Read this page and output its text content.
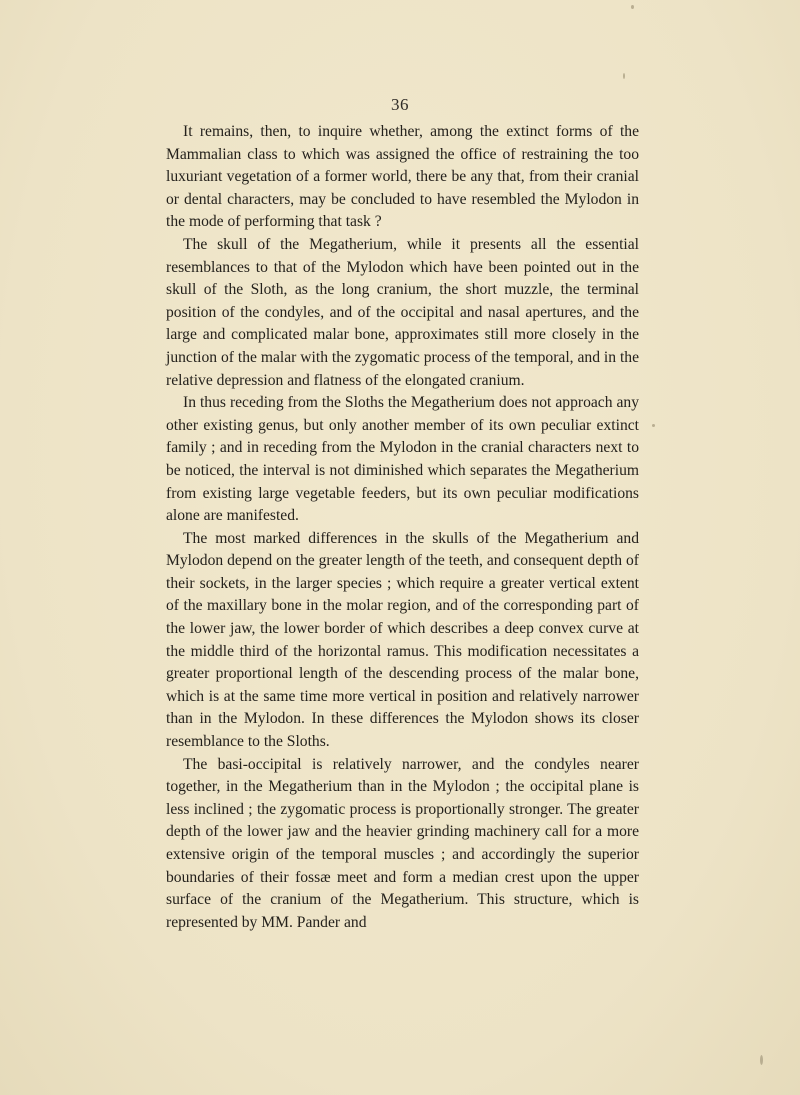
36

It remains, then, to inquire whether, among the extinct forms of the Mammalian class to which was assigned the office of restraining the too luxuriant vegetation of a former world, there be any that, from their cranial or dental characters, may be concluded to have resembled the Mylodon in the mode of performing that task ?

The skull of the Megatherium, while it presents all the essential resemblances to that of the Mylodon which have been pointed out in the skull of the Sloth, as the long cranium, the short muzzle, the terminal position of the condyles, and of the occipital and nasal apertures, and the large and complicated malar bone, approximates still more closely in the junction of the malar with the zygomatic process of the temporal, and in the relative depression and flatness of the elongated cranium.

In thus receding from the Sloths the Megatherium does not approach any other existing genus, but only another member of its own peculiar extinct family ; and in receding from the Mylodon in the cranial characters next to be noticed, the interval is not diminished which separates the Megatherium from existing large vegetable feeders, but its own peculiar modifications alone are manifested.

The most marked differences in the skulls of the Megatherium and Mylodon depend on the greater length of the teeth, and consequent depth of their sockets, in the larger species ; which require a greater vertical extent of the maxillary bone in the molar region, and of the corresponding part of the lower jaw, the lower border of which describes a deep convex curve at the middle third of the horizontal ramus. This modification necessitates a greater proportional length of the descending process of the malar bone, which is at the same time more vertical in position and relatively narrower than in the Mylodon. In these differences the Mylodon shows its closer resemblance to the Sloths.

The basi-occipital is relatively narrower, and the condyles nearer together, in the Megatherium than in the Mylodon ; the occipital plane is less inclined ; the zygomatic process is proportionally stronger. The greater depth of the lower jaw and the heavier grinding machinery call for a more extensive origin of the temporal muscles ; and accordingly the superior boundaries of their fossæ meet and form a median crest upon the upper surface of the cranium of the Megatherium. This structure, which is represented by MM. Pander and
